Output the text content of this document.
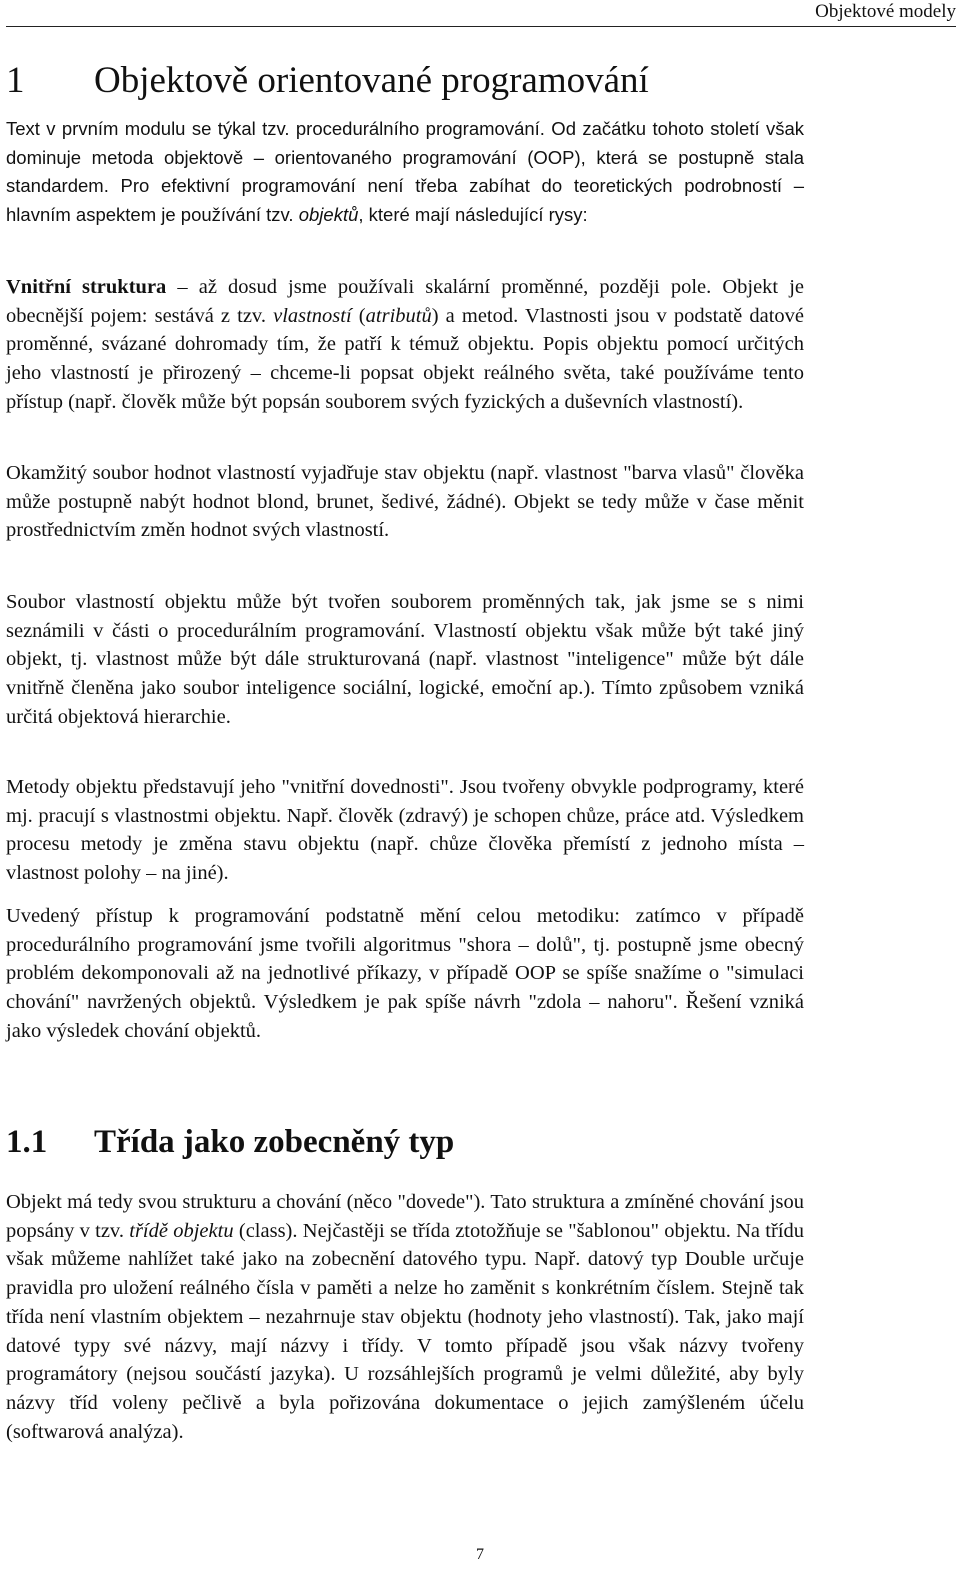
Objektové modely
1 Objektově orientované programování

Text v prvním modulu se týkal tzv. procedurálního programování. Od začátku tohoto století však dominuje metoda objektově – orientovaného programování (OOP), která se postupně stala standardem. Pro efektivní programování není třeba zabíhat do teoretických podrobností – hlavním aspektem je používání tzv. objektů, které mají následující rysy:

Vnitřní struktura – až dosud jsme používali skalární proměnné, později pole. Objekt je obecnější pojem: sestává z tzv. vlastností (atributů) a metod. Vlastnosti jsou v podstatě datové proměnné, svázané dohromady tím, že patří k témuž objektu. Popis objektu pomocí určitých jeho vlastností je přirozený – chceme-li popsat objekt reálného světa, také používáme tento přístup (např. člověk může být popsán souborem svých fyzických a duševních vlastností).

Okamžitý soubor hodnot vlastností vyjadřuje stav objektu (např. vlastnost "barva vlasů" člověka může postupně nabýt hodnot blond, brunet, šedivé, žádné). Objekt se tedy může v čase měnit prostřednictvím změn hodnot svých vlastností.

Soubor vlastností objektu může být tvořen souborem proměnných tak, jak jsme se s nimi seznámili v části o procedurálním programování. Vlastností objektu však může být také jiný objekt, tj. vlastnost může být dále strukturovaná (např. vlastnost "inteligence" může být dále vnitřně členěna jako soubor inteligence sociální, logické, emoční ap.). Tímto způsobem vzniká určitá objektová hierarchie.

Metody objektu představují jeho "vnitřní dovednosti". Jsou tvořeny obvykle podprogramy, které mj. pracují s vlastnostmi objektu. Např. člověk (zdravý) je schopen chůze, práce atd. Výsledkem procesu metody je změna stavu objektu (např. chůze člověka přemístí z jednoho místa – vlastnost polohy – na jiné).

Uvedený přístup k programování podstatně mění celou metodiku: zatímco v případě procedurálního programování jsme tvořili algoritmus "shora – dolů", tj. postupně jsme obecný problém dekomponovali až na jednotlivé příkazy, v případě OOP se spíše snažíme o "simulaci chování" navržených objektů. Výsledkem je pak spíše návrh "zdola – nahoru". Řešení vzniká jako výsledek chování objektů.

1.1 Třída jako zobecněný typ

Objekt má tedy svou strukturu a chování (něco "dovede"). Tato struktura a zmíněné chování jsou popsány v tzv. třídě objektu (class). Nejčastěji se třída ztotožňuje se "šablonou" objektu. Na třídu však můžeme nahlížet také jako na zobecnění datového typu. Např. datový typ Double určuje pravidla pro uložení reálného čísla v paměti a nelze ho zaměnit s konkrétním číslem. Stejně tak třída není vlastním objektem – nezahrnuje stav objektu (hodnoty jeho vlastností). Tak, jako mají datové typy své názvy, mají názvy i třídy. V tomto případě jsou však názvy tvořeny programátory (nejsou součástí jazyka). U rozsáhlejších programů je velmi důležité, aby byly názvy tříd voleny pečlivě a byla pořizována dokumentace o jejich zamýšleném účelu (softwarová analýza).

7
